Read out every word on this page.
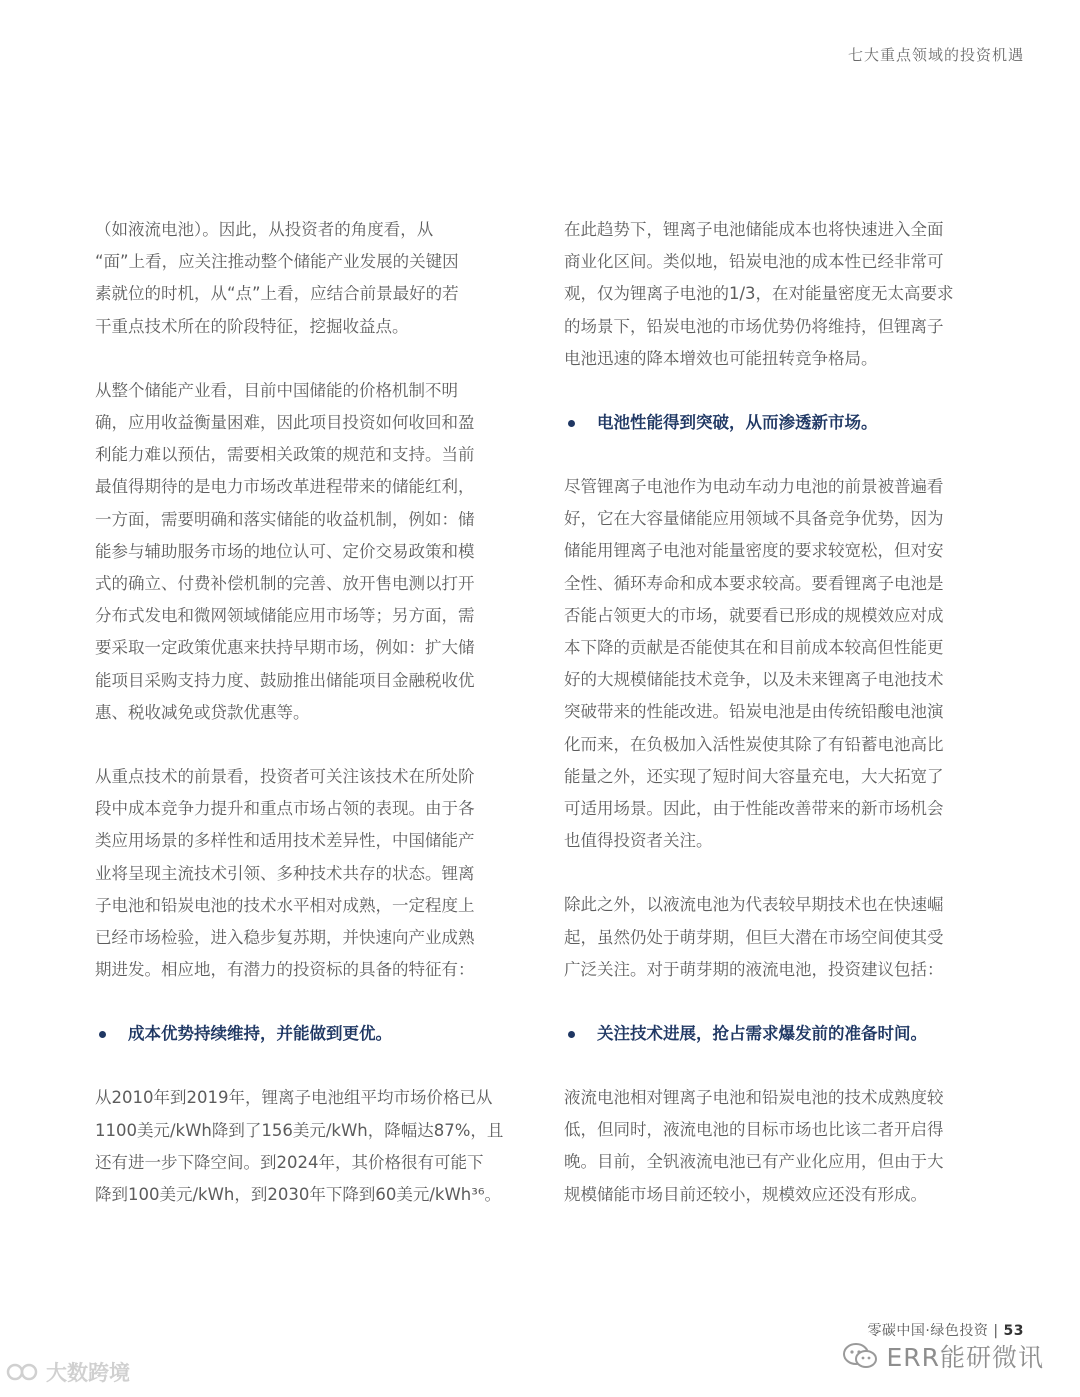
七大重点领域的投资机遇

（如液流电池）。因此，从投资者的角度看，从
“面”上看，应关注推动整个储能产业发展的关键因
素就位的时机，从“点”上看，应结合前景最好的若
干重点技术所在的阶段特征，挖掘收益点。

从整个储能产业看，目前中国储能的价格机制不明
确，应用收益衡量困难，因此项目投资如何收回和盈
利能力难以预估，需要相关政策的规范和支持。当前
最值得期待的是电力市场改革进程带来的储能红利，
一方面，需要明确和落实储能的收益机制，例如：储
能参与辅助服务市场的地位认可、定价交易政策和模
式的确立、付费补偿机制的完善、放开售电测以打开
分布式发电和微网领域储能应用市场等；另方面，需
要采取一定政策优惠来扶持早期市场，例如：扩大储
能项目采购支持力度、鼓励推出储能项目金融税收优
惠、税收减免或贷款优惠等。

从重点技术的前景看，投资者可关注该技术在所处阶
段中成本竞争力提升和重点市场占领的表现。由于各
类应用场景的多样性和适用技术差异性，中国储能产
业将呈现主流技术引领、多种技术共存的状态。锂离
子电池和铅炭电池的技术水平相对成熟，一定程度上
已经市场检验，进入稳步复苏期，并快速向产业成熟
期进发。相应地，有潜力的投资标的具备的特征有：

成本优势持续维持，并能做到更优。

从2010年到2019年，锂离子电池组平均市场价格已从
1100美元/kWh降到了156美元/kWh，降幅达87%，且
还有进一步下降空间。到2024年，其价格很有可能下
降到100美元/kWh，到2030年下降到60美元/kWh³⁶。

在此趋势下，锂离子电池储能成本也将快速进入全面
商业化区间。类似地，铅炭电池的成本性已经非常可
观，仅为锂离子电池的1/3，在对能量密度无太高要求
的场景下，铅炭电池的市场优势仍将维持，但锂离子
电池迅速的降本增效也可能扭转竞争格局。

电池性能得到突破，从而渗透新市场。

尽管锂离子电池作为电动车动力电池的前景被普遍看
好，它在大容量储能应用领域不具备竞争优势，因为
储能用锂离子电池对能量密度的要求较宽松，但对安
全性、循环寿命和成本要求较高。要看锂离子电池是
否能占领更大的市场，就要看已形成的规模效应对成
本下降的贡献是否能使其在和目前成本较高但性能更
好的大规模储能技术竞争，以及未来锂离子电池技术
突破带来的性能改进。铅炭电池是由传统铅酸电池演
化而来，在负极加入活性炭使其除了有铅蓄电池高比
能量之外，还实现了短时间大容量充电，大大拓宽了
可适用场景。因此，由于性能改善带来的新市场机会
也值得投资者关注。

除此之外，以液流电池为代表较早期技术也在快速崛
起，虽然仍处于萌芽期，但巨大潜在市场空间使其受
广泛关注。对于萌芽期的液流电池，投资建议包括：

关注技术进展，抢占需求爆发前的准备时间。

液流电池相对锂离子电池和铅炭电池的技术成熟度较
低，但同时，液流电池的目标市场也比该二者开启得
晚。目前，全钒液流电池已有产业化应用，但由于大
规模储能市场目前还较小，规模效应还没有形成。

零碳中国·绿色投资 | 53
ERR能研微讯
大数跨境
